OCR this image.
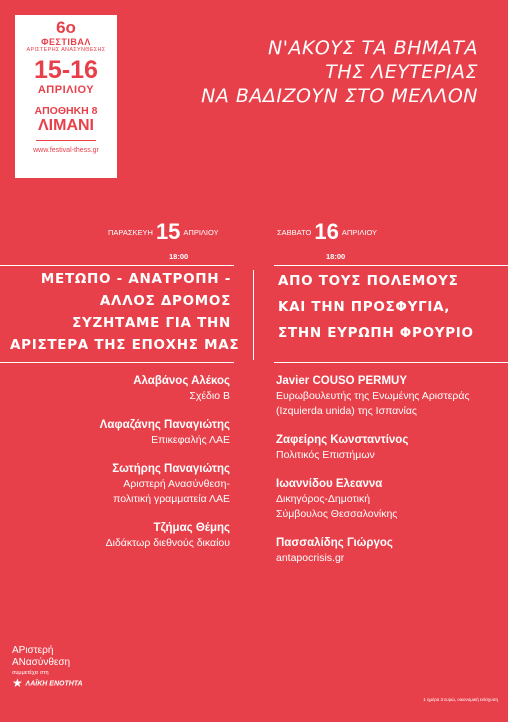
6ο
ΦΕΣΤΙΒΑΛ
ΑΡΙΣΤΕΡΗΣ ΑΝΑΣΥΝΘΕΣΗΣ
15-16
ΑΠΡΙΛΙΟΥ
ΑΠΟΘΗΚΗ 8
ΛΙΜΑΝΙ
www.festival-thess.gr
Ν'ΑΚΟΥΣ ΤΑ ΒΗΜΑΤΑ
ΤΗΣ ΛΕΥΤΕΡΙΑΣ
ΝΑ ΒΑΔΙΖΟΥΝ ΣΤΟ ΜΕΛΛΟΝ
ΠΑΡΑΣΚΕΥΗ 15 ΑΠΡΙΛΙΟΥ
18:00
ΣΑΒΒΑΤΟ 16 ΑΠΡΙΛΙΟΥ
18:00
ΜΕΤΩΠΟ - ΑΝΑΤΡΟΠΗ -
ΑΛΛΟΣ ΔΡΟΜΟΣ
ΣΥΖΗΤΑΜΕ ΓΙΑ ΤΗΝ
ΑΡΙΣΤΕΡΑ ΤΗΣ ΕΠΟΧΗΣ ΜΑΣ
ΑΠΟ ΤΟΥΣ ΠΟΛΕΜΟΥΣ
ΚΑΙ ΤΗΝ ΠΡΟΣΦΥΓΙΑ,
ΣΤΗΝ ΕΥΡΩΠΗ ΦΡΟΥΡΙΟ
Αλαβάνος Αλέκος
Σχέδιο Β
Λαφαζάνης Παναγιώτης
Επικεφαλής ΛΑΕ
Σωτήρης Παναγιώτης
Αριστερή Ανασύνθεση-
πολιτική γραμματεία ΛΑΕ
Τζήμας Θέμης
Διδάκτωρ διεθνούς δικαίου
Javier COUSO PERMUY
Ευρωβουλευτής της Ενωμένης Αριστεράς
(Izquierda unida) της Ισπανίας
Ζαφείρης Κωνσταντίνος
Πολιτικός Επιστήμων
Ιωαννίδου Ελεαννα
Δικηγόρος-Δημοτική
Σύμβουλος Θεσσαλονίκης
Πασσαλίδης Γιώργος
antapocrisis.gr
ΑΡιστερή
ΑΝασύνθεση
συμμετέχει στη
★ ΛΑΪΚΗ ΕΝΟΤΗΤΑ
1 ημέρα 3 ευρώ, οικονομική ενίσχυση
